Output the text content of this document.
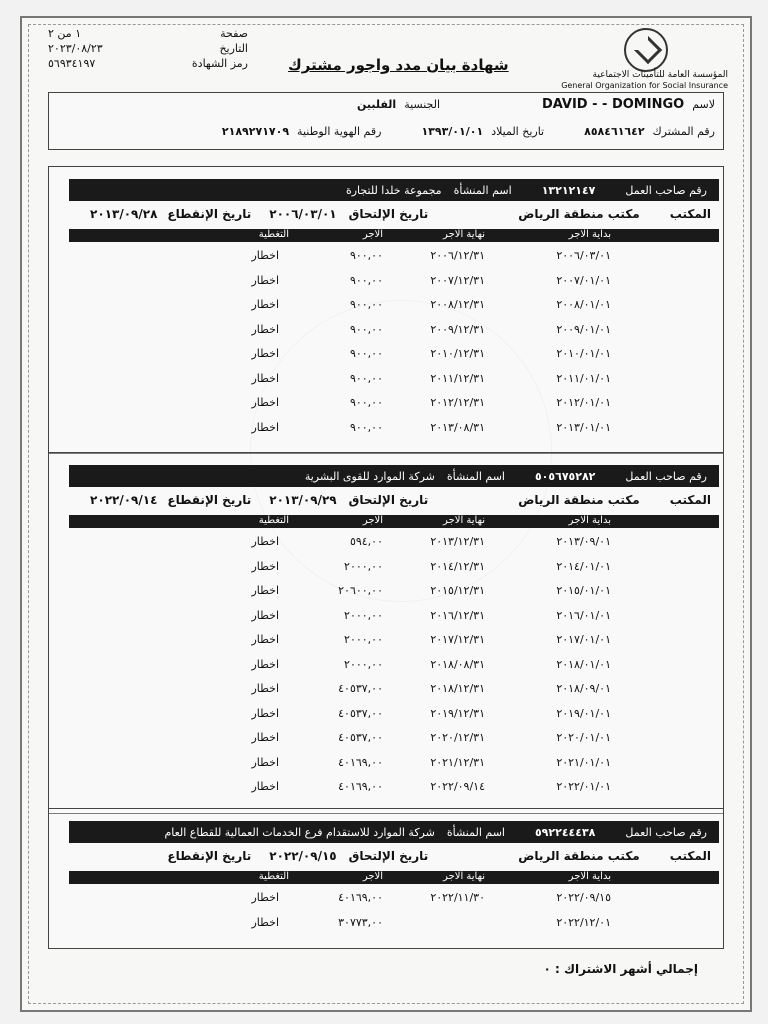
صفحة
١ من ٢
التاريخ
٢٠٢٣/٠٨/٢٣
رمز الشهادة
٥٦٩٣٤١٩٧	شهادة بيان مدد واجور مشترك
المؤسسة العامة للتأمينات الاجتماعية
General Organization for Social Insurance
لاسم
DAVID - - DOMINGO
الجنسية
الفلبين
رقم المشترك
٨٥٨٤٦١٦٤٢
تاريخ الميلاد
١٣٩٣/٠١/٠١
رقم الهوية الوطنية
٢١٨٩٢٧١٧٠٩
رقم صاحب العمل
١٣٢١٢١٤٧
اسم المنشأة
مجموعة خلدا للتجارة
المكتب
مكتب منطقة الرياض
تاريخ الإلتحاق
٢٠٠٦/٠٣/٠١
تاريخ الإنقطاع
٢٠١٣/٠٩/٢٨
بداية الاجر
نهاية الاجر
الاجر
التغطية
٢٠٠٦/٠٣/٠١
٢٠٠٦/١٢/٣١
٩٠٠,٠٠
اخطار
٢٠٠٧/٠١/٠١
٢٠٠٧/١٢/٣١
٩٠٠,٠٠
اخطار
٢٠٠٨/٠١/٠١
٢٠٠٨/١٢/٣١
٩٠٠,٠٠
اخطار
٢٠٠٩/٠١/٠١
٢٠٠٩/١٢/٣١
٩٠٠,٠٠
اخطار
٢٠١٠/٠١/٠١
٢٠١٠/١٢/٣١
٩٠٠,٠٠
اخطار
٢٠١١/٠١/٠١
٢٠١١/١٢/٣١
٩٠٠,٠٠
اخطار
٢٠١٢/٠١/٠١
٢٠١٢/١٢/٣١
٩٠٠,٠٠
اخطار
٢٠١٣/٠١/٠١
٢٠١٣/٠٨/٣١
٩٠٠,٠٠
اخطار
رقم صاحب العمل
٥٠٥٦٧٥٢٨٢
اسم المنشأة
شركة الموارد للقوى البشرية
المكتب
مكتب منطقة الرياض
تاريخ الإلتحاق
٢٠١٣/٠٩/٢٩
تاريخ الإنقطاع
٢٠٢٢/٠٩/١٤
بداية الاجر
نهاية الاجر
الاجر
التغطية
٢٠١٣/٠٩/٠١
٢٠١٣/١٢/٣١
٥٩٤,٠٠
اخطار
٢٠١٤/٠١/٠١
٢٠١٤/١٢/٣١
٢٠٠٠,٠٠
اخطار
٢٠١٥/٠١/٠١
٢٠١٥/١٢/٣١
٢٠٦٠٠,٠٠
اخطار
٢٠١٦/٠١/٠١
٢٠١٦/١٢/٣١
٢٠٠٠,٠٠
اخطار
٢٠١٧/٠١/٠١
٢٠١٧/١٢/٣١
٢٠٠٠,٠٠
اخطار
٢٠١٨/٠١/٠١
٢٠١٨/٠٨/٣١
٢٠٠٠,٠٠
اخطار
٢٠١٨/٠٩/٠١
٢٠١٨/١٢/٣١
٤٠٥٣٧,٠٠
اخطار
٢٠١٩/٠١/٠١
٢٠١٩/١٢/٣١
٤٠٥٣٧,٠٠
اخطار
٢٠٢٠/٠١/٠١
٢٠٢٠/١٢/٣١
٤٠٥٣٧,٠٠
اخطار
٢٠٢١/٠١/٠١
٢٠٢١/١٢/٣١
٤٠١٦٩,٠٠
اخطار
٢٠٢٢/٠١/٠١
٢٠٢٢/٠٩/١٤
٤٠١٦٩,٠٠
اخطار
رقم صاحب العمل
٥٩٢٢٤٤٤٣٨
اسم المنشأة
شركة الموارد للاستقدام فرع الخدمات العمالية للقطاع العام
المكتب
مكتب منطقة الرياض
تاريخ الإلتحاق
٢٠٢٢/٠٩/١٥
تاريخ الإنقطاع
بداية الاجر
نهاية الاجر
الاجر
التغطية
٢٠٢٢/٠٩/١٥
٢٠٢٢/١١/٣٠
٤٠١٦٩,٠٠
اخطار
٢٠٢٢/١٢/٠١
٣٠٧٧٣,٠٠
اخطار
إجمالي أشهر الاشتراك : ٠
